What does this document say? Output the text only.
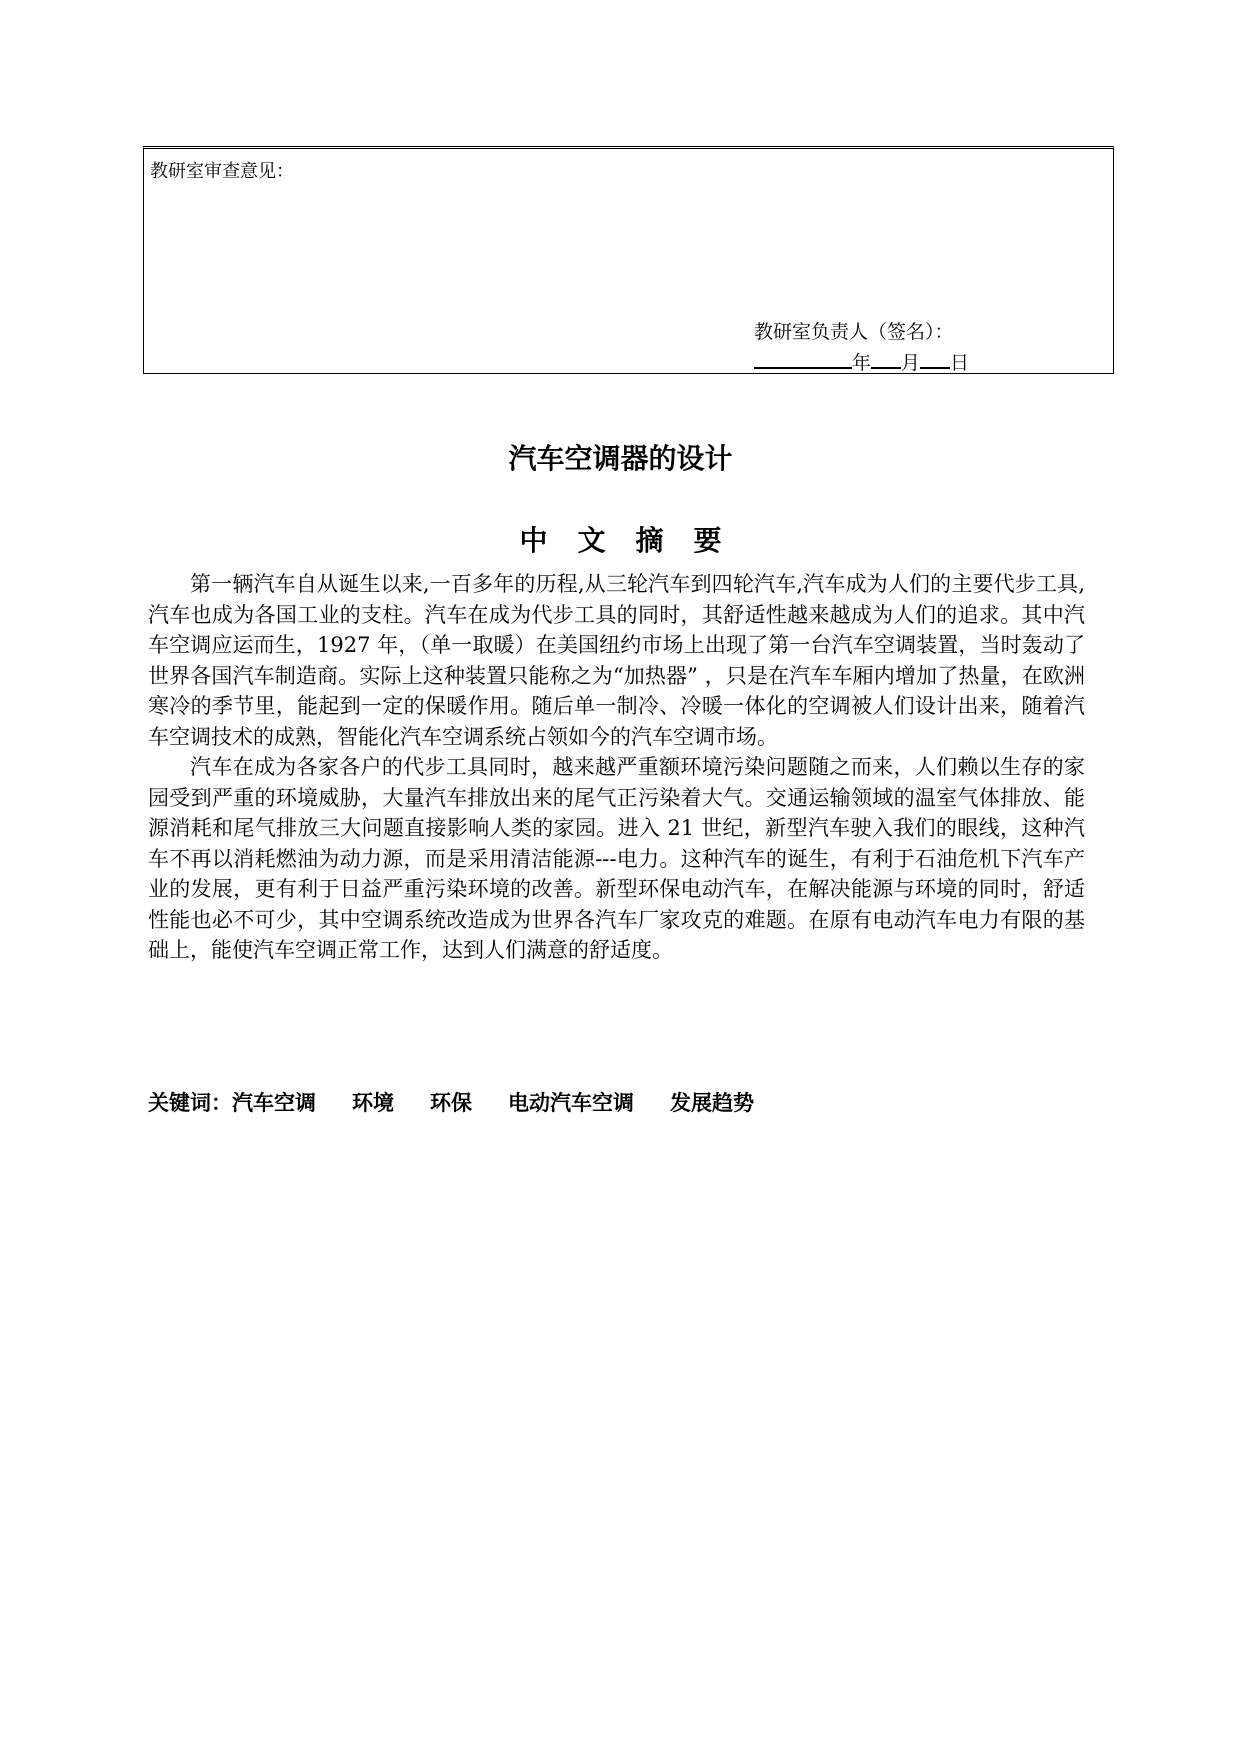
教研室审查意见：
教研室负责人（签名）：
年 月 日
汽车空调器的设计
中文摘要

第一辆汽车自从诞生以来,一百多年的历程,从三轮汽车到四轮汽车,汽车成为人们的主要代步工具,汽车也成为各国工业的支柱。汽车在成为代步工具的同时，其舒适性越来越成为人们的追求。其中汽车空调应运而生，1927 年，（单一取暖）在美国纽约市场上出现了第一台汽车空调装置，当时轰动了世界各国汽车制造商。实际上这种装置只能称之为“加热器” ，只是在汽车车厢内增加了热量，在欧洲寒冷的季节里，能起到一定的保暖作用。随后单一制冷、冷暖一体化的空调被人们设计出来，随着汽车空调技术的成熟，智能化汽车空调系统占领如今的汽车空调市场。

汽车在成为各家各户的代步工具同时，越来越严重额环境污染问题随之而来，人们赖以生存的家园受到严重的环境威胁，大量汽车排放出来的尾气正污染着大气。交通运输领域的温室气体排放、能源消耗和尾气排放三大问题直接影响人类的家园。进入 21 世纪，新型汽车驶入我们的眼线，这种汽车不再以消耗燃油为动力源，而是采用清洁能源---电力。这种汽车的诞生，有利于石油危机下汽车产业的发展，更有利于日益严重污染环境的改善。新型环保电动汽车，在解决能源与环境的同时，舒适性能也必不可少，其中空调系统改造成为世界各汽车厂家攻克的难题。在原有电动汽车电力有限的基础上，能使汽车空调正常工作，达到人们满意的舒适度。

关键词：汽车空调 环境 环保 电动汽车空调 发展趋势
